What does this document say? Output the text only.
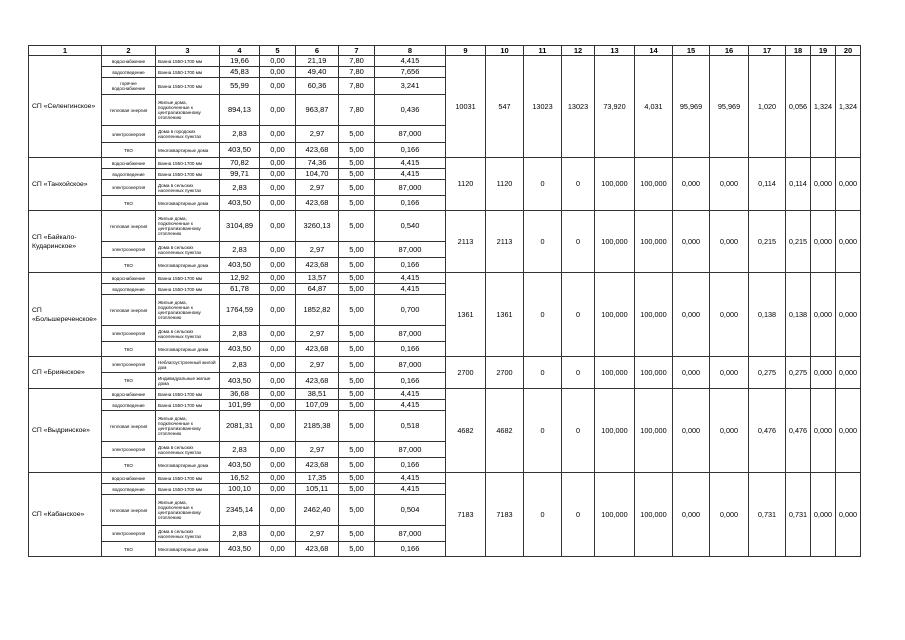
1	2	3	4	5	6	7	8	9	10	11	12	13	14	15	16	17	18	19	20
СП «Селенгинское»	водоснабжение	Ванна 1550-1700 мм	19,66	0,00	21,19	7,80	4,415	10031	547	13023	13023	73,920	4,031	95,969	95,969	1,020	0,056	1,324	1,324
	водоотведение	Ванна 1550-1700 мм	45,83	0,00	49,40	7,80	7,656												
	горячее водоснабжение	Ванна 1550-1700 мм	55,99	0,00	60,36	7,80	3,241												
	тепловая энергия	Жилые дома, подключенные к централизованному отоплению	894,13	0,00	963,87	7,80	0,436												
	электроэнергия	Дома в городских населенных пунктах	2,83	0,00	2,97	5,00	87,000												
	ТКО	Многоквартирные дома	403,50	0,00	423,68	5,00	0,166												
СП «Танхойское»	водоснабжение	Ванна 1550-1700 мм	70,82	0,00	74,36	5,00	4,415	1120	1120	0	0	100,000	100,000	0,000	0,000	0,114	0,114	0,000	0,000
	водоотведение	Ванна 1550-1700 мм	99,71	0,00	104,70	5,00	4,415												
	электроэнергия	Дома в сельских населенных пунктах	2,83	0,00	2,97	5,00	87,000												
	ТКО	Многоквартирные дома	403,50	0,00	423,68	5,00	0,166												
СП «Байкало-Кударинское»	тепловая энергия	Жилые дома, подключенные к централизованному отоплению	3104,89	0,00	3260,13	5,00	0,540	2113	2113	0	0	100,000	100,000	0,000	0,000	0,215	0,215	0,000	0,000
	электроэнергия	Дома в сельских населенных пунктах	2,83	0,00	2,97	5,00	87,000												
	ТКО	Многоквартирные дома	403,50	0,00	423,68	5,00	0,166												
СП «Большереченское»	водоснабжение	Ванна 1550-1700 мм	12,92	0,00	13,57	5,00	4,415	1361	1361	0	0	100,000	100,000	0,000	0,000	0,138	0,138	0,000	0,000
	водоотведение	Ванна 1550-1700 мм	61,78	0,00	64,87	5,00	4,415												
	тепловая энергия	Жилые дома, подключенные к централизованному отоплению	1764,59	0,00	1852,82	5,00	0,700												
	электроэнергия	Дома в сельских населенных пунктах	2,83	0,00	2,97	5,00	87,000												
	ТКО	Многоквартирные дома	403,50	0,00	423,68	5,00	0,166												
СП «Бриянское»	электроэнергия	Неблагоустроенный жилой дом	2,83	0,00	2,97	5,00	87,000	2700	2700	0	0	100,000	100,000	0,000	0,000	0,275	0,275	0,000	0,000
	ТКО	Индивидуальные жилые дома	403,50	0,00	423,68	5,00	0,166												
СП «Выдринское»	водоснабжение	Ванна 1550-1700 мм	36,68	0,00	38,51	5,00	4,415	4682	4682	0	0	100,000	100,000	0,000	0,000	0,476	0,476	0,000	0,000
	водоотведение	Ванна 1550-1700 мм	101,99	0,00	107,09	5,00	4,415												
	тепловая энергия	Жилые дома, подключенные к централизованному отоплению	2081,31	0,00	2185,38	5,00	0,518												
	электроэнергия	Дома в сельских населенных пунктах	2,83	0,00	2,97	5,00	87,000												
	ТКО	Многоквартирные дома	403,50	0,00	423,68	5,00	0,166												
СП «Кабанское»	водоснабжение	Ванна 1550-1700 мм	16,52	0,00	17,35	5,00	4,415	7183	7183	0	0	100,000	100,000	0,000	0,000	0,731	0,731	0,000	0,000
	водоотведение	Ванна 1550-1700 мм	100,10	0,00	105,11	5,00	4,415												
	тепловая энергия	Жилые дома, подключенные к централизованному отоплению	2345,14	0,00	2462,40	5,00	0,504												
	электроэнергия	Дома в сельских населенных пунктах	2,83	0,00	2,97	5,00	87,000												
	ТКО	Многоквартирные дома	403,50	0,00	423,68	5,00	0,166												
